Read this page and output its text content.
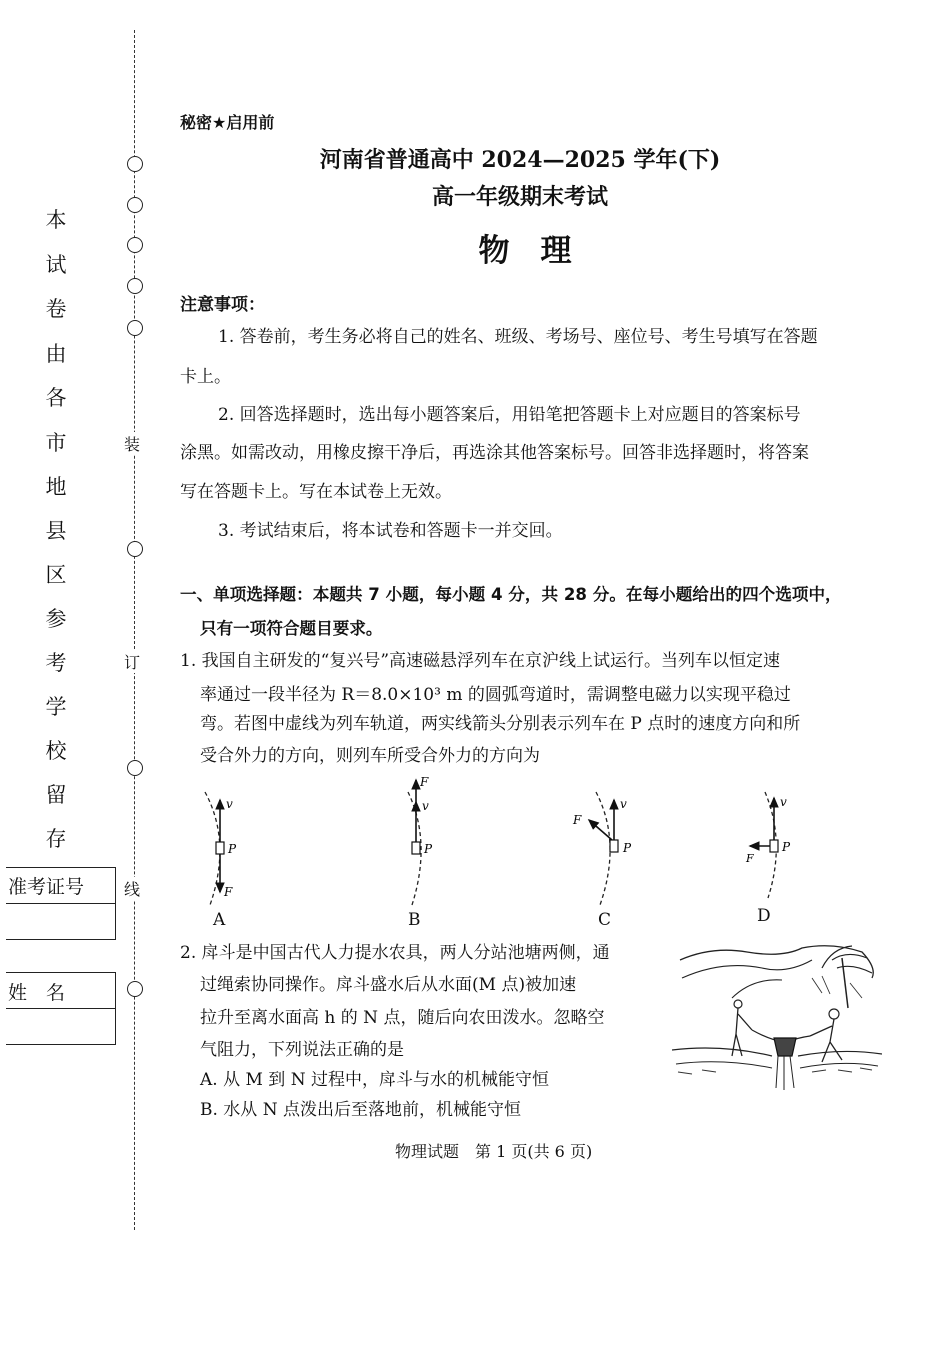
装
订
线
本
试
卷
由
各
市
地
县
区
参
考
学
校
留
存
准考证号
姓　名
秘密★启用前
河南省普通高中 2024—2025 学年(下)
高一年级期末考试
物　理
注意事项：
1. 答卷前，考生务必将自己的姓名、班级、考场号、座位号、考生号填写在答题
卡上。
2. 回答选择题时，选出每小题答案后，用铅笔把答题卡上对应题目的答案标号
涂黑。如需改动，用橡皮擦干净后，再选涂其他答案标号。回答非选择题时，将答案
写在答题卡上。写在本试卷上无效。
3. 考试结束后，将本试卷和答题卡一并交回。
一、单项选择题：本题共 7 小题，每小题 4 分，共 28 分。在每小题给出的四个选项中，
只有一项符合题目要求。
1. 我国自主研发的“复兴号”高速磁悬浮列车在京沪线上试运行。当列车以恒定速
率通过一段半径为 R＝8.0×10³ m 的圆弧弯道时，需调整电磁力以实现平稳过
弯。若图中虚线为列车轨道，两实线箭头分别表示列车在 P 点时的速度方向和所
受合外力的方向，则列车所受合外力的方向为
v
P
F
v
F
P
v
F
P
v
F
P
A	B	C	D
2. 戽斗是中国古代人力提水农具，两人分站池塘两侧，通
过绳索协同操作。戽斗盛水后从水面(M 点)被加速
拉升至离水面高 h 的 N 点，随后向农田泼水。忽略空
气阻力，下列说法正确的是
A. 从 M 到 N 过程中，戽斗与水的机械能守恒
B. 水从 N 点泼出后至落地前，机械能守恒
物理试题　第 1 页(共 6 页)
